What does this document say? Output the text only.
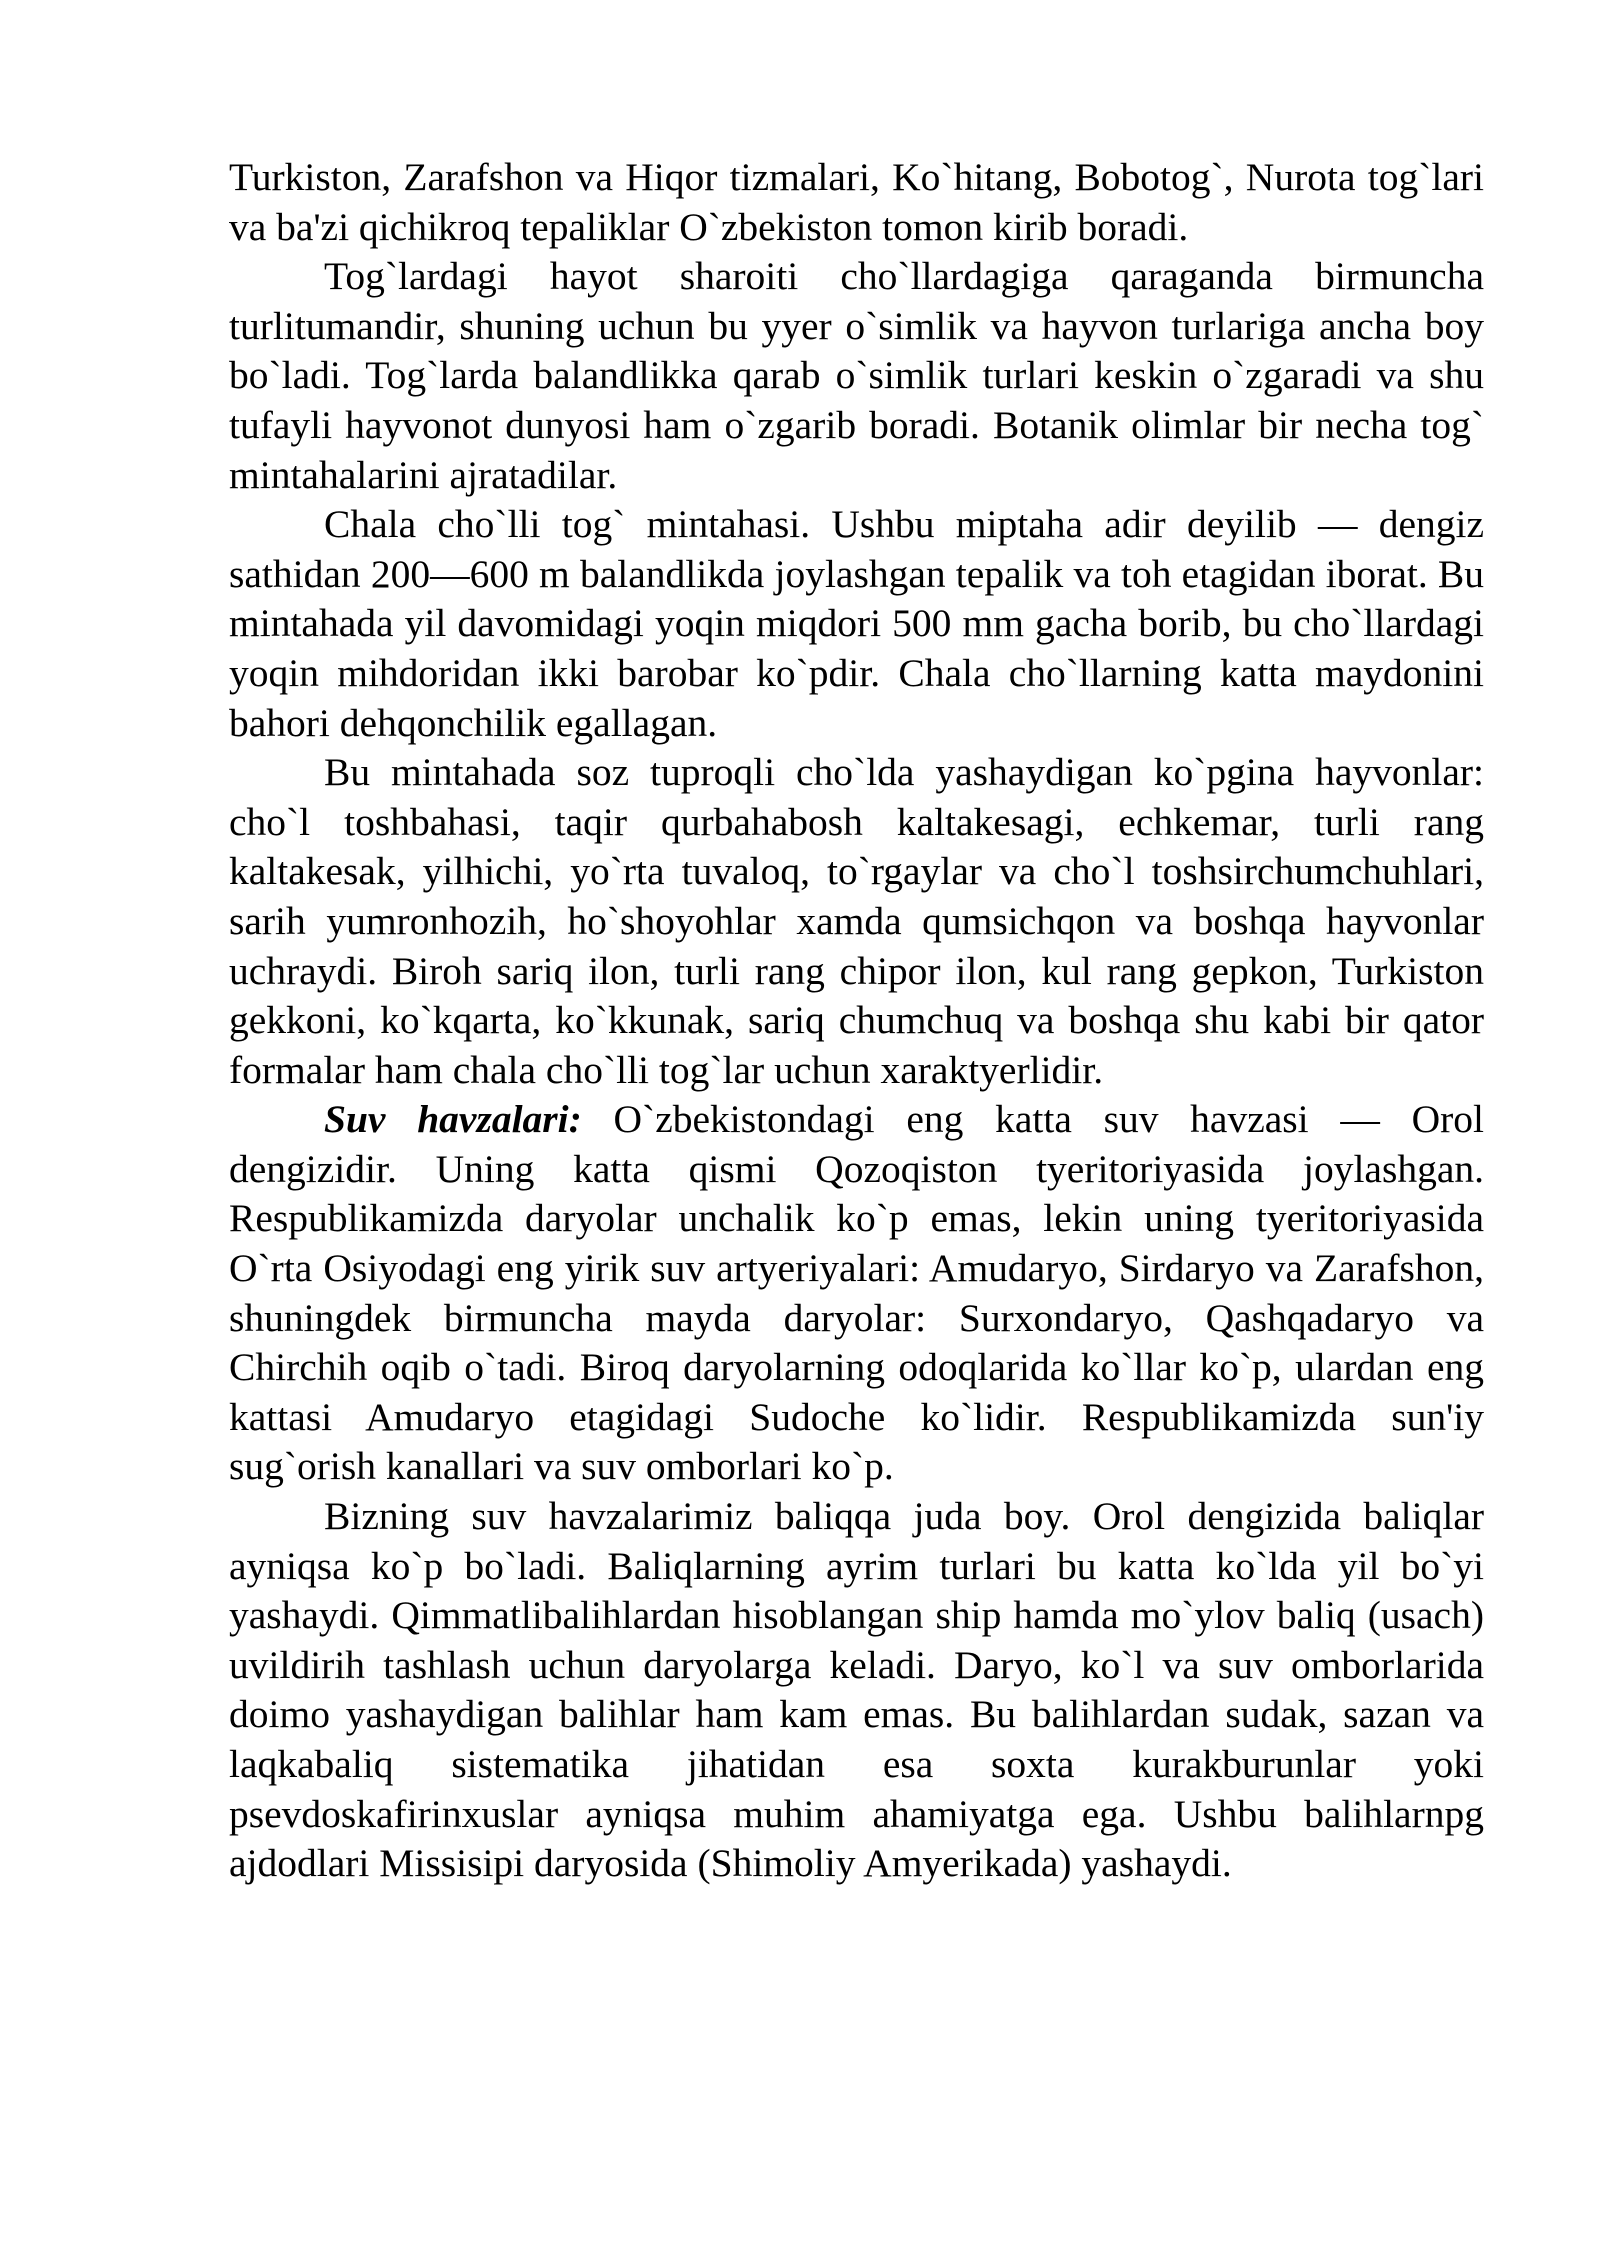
Turkiston, Zarafshon va Hiqor tizmalari, Ko`hitang, Bobotog`, Nurota tog`lari va ba'zi qichikroq tepaliklar O`zbekiston tomon kirib boradi.

Tog`lardagi hayot sharoiti cho`llardagiga qaraganda birmuncha turlitumandir, shuning uchun bu yyer o`simlik va hayvon turlariga ancha boy bo`ladi. Tog`larda balandlikka qarab o`simlik turlari keskin o`zgaradi va shu tufayli hayvonot dunyosi ham o`zgarib boradi. Botanik olimlar bir necha tog` mintahalarini ajratadilar.

Chala cho`lli tog` mintahasi. Ushbu miptaha adir deyilib — dengiz sathidan 200—600 m balandlikda joylashgan tepalik va toh etagidan iborat. Bu mintahada yil davomidagi yoqin miqdori 500 mm gacha borib, bu cho`llardagi yoqin mihdoridan ikki barobar ko`pdir. Chala cho`llarning katta maydonini bahori dehqonchilik egallagan.

Bu mintahada soz tuproqli cho`lda yashaydigan ko`pgina hayvonlar: cho`l toshbahasi, taqir qurbahabosh kaltakesagi, echkemar, turli rang kaltakesak, yilhichi, yo`rta tuvaloq, to`rgaylar va cho`l toshsirchumchuhlari, sarih yumronhozih, ho`shoyohlar xamda qumsichqon va boshqa hayvonlar uchraydi. Biroh sariq ilon, turli rang chipor ilon, kul rang gepkon, Turkiston gekkoni, ko`kqarta, ko`kkunak, sariq chumchuq va boshqa shu kabi bir qator formalar ham chala cho`lli tog`lar uchun xaraktyerlidir.

Suv havzalari: O`zbekistondagi eng katta suv havzasi — Orol dengizidir. Uning katta qismi Qozoqiston tyeritoriyasida joylashgan. Respublikamizda daryolar unchalik ko`p emas, lekin uning tyeritoriyasida O`rta Osiyodagi eng yirik suv artyeriyalari: Amudaryo, Sirdaryo va Zarafshon, shuningdek birmuncha mayda daryolar: Surxondaryo, Qashqadaryo va Chirchih oqib o`tadi. Biroq daryolarning odoqlarida ko`llar ko`p, ulardan eng kattasi Amudaryo etagidagi Sudoche ko`lidir. Respublikamizda sun'iy sug`orish kanallari va suv omborlari ko`p.

Bizning suv havzalarimiz baliqqa juda boy. Orol dengizida baliqlar ayniqsa ko`p bo`ladi. Baliqlarning ayrim turlari bu katta ko`lda yil bo`yi yashaydi. Qimmatlibalihlardan hisoblangan ship hamda mo`ylov baliq (usach) uvildirih tashlash uchun daryolarga keladi. Daryo, ko`l va suv omborlarida doimo yashaydigan balihlar ham kam emas. Bu balihlardan sudak, sazan va laqkabaliq sistematika jihatidan esa soxta kurakburunlar yoki psevdoskafirinxuslar ayniqsa muhim ahamiyatga ega. Ushbu balihlarnpg ajdodlari Missisipi daryosida (Shimoliy Amyerikada) yashaydi.
